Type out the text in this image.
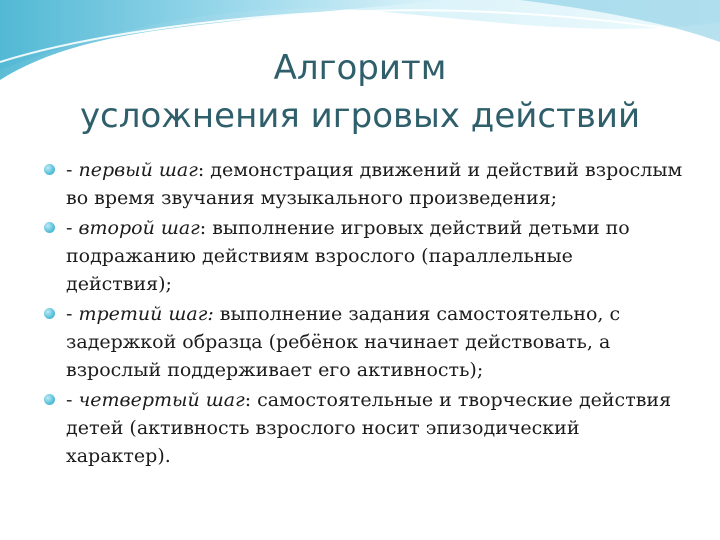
Алгоритм
усложнения игровых действий
- первый шаг: демонстрация движений и действий взрослым во время звучания музыкального произведения;
- второй шаг: выполнение игровых действий детьми по подражанию действиям взрослого (параллельные действия);
- третий шаг: выполнение задания самостоятельно, с задержкой образца (ребёнок начинает действовать, а взрослый поддерживает его активность);
- четвертый шаг: самостоятельные и творческие действия детей (активность взрослого носит эпизодический характер).
